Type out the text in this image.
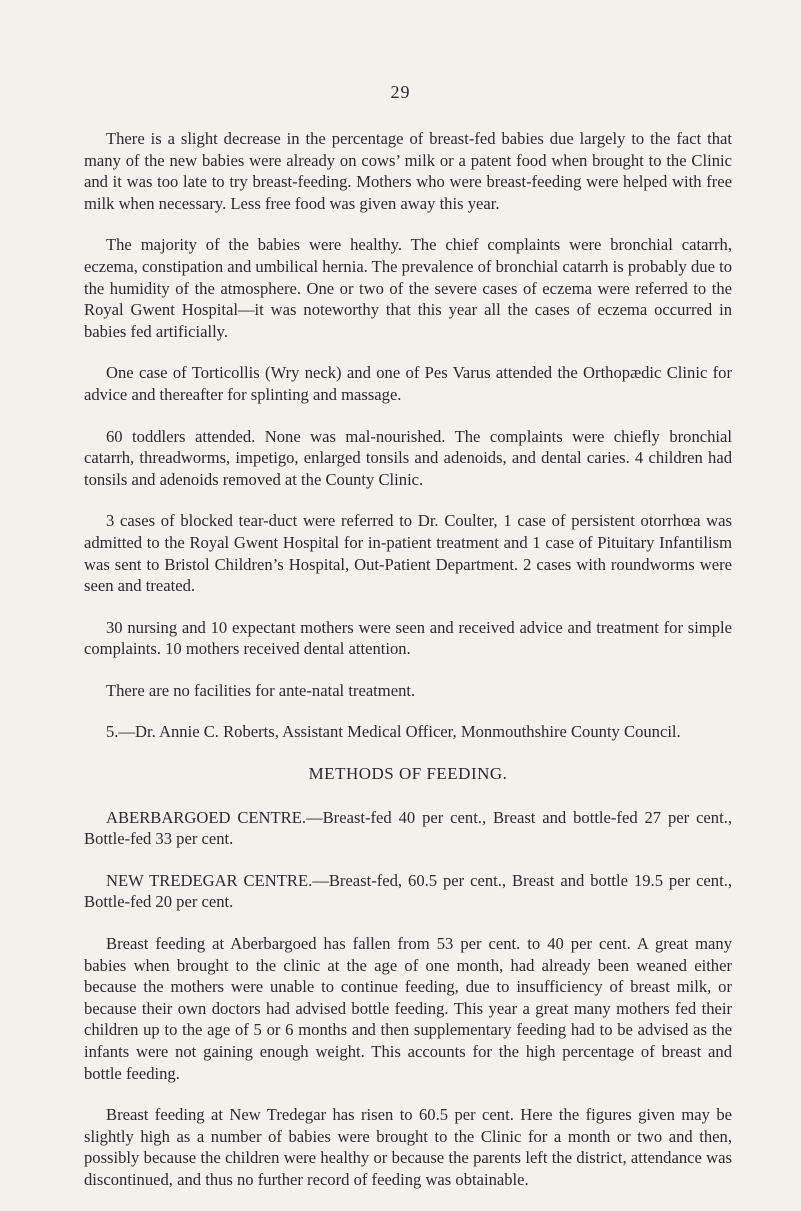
29

There is a slight decrease in the percentage of breast-fed babies due largely to the fact that many of the new babies were already on cows’ milk or a patent food when brought to the Clinic and it was too late to try breast-feeding. Mothers who were breast-feeding were helped with free milk when necessary. Less free food was given away this year.

The majority of the babies were healthy. The chief complaints were bronchial catarrh, eczema, constipation and umbilical hernia. The prevalence of bronchial catarrh is probably due to the humidity of the atmosphere. One or two of the severe cases of eczema were referred to the Royal Gwent Hospital—it was noteworthy that this year all the cases of eczema occurred in babies fed artificially.

One case of Torticollis (Wry neck) and one of Pes Varus attended the Orthopædic Clinic for advice and thereafter for splinting and massage.

60 toddlers attended. None was mal-nourished. The complaints were chiefly bronchial catarrh, threadworms, impetigo, enlarged tonsils and adenoids, and dental caries. 4 children had tonsils and adenoids removed at the County Clinic.

3 cases of blocked tear-duct were referred to Dr. Coulter, 1 case of persistent otorrhœa was admitted to the Royal Gwent Hospital for in-patient treatment and 1 case of Pituitary Infantilism was sent to Bristol Children’s Hospital, Out-Patient Department. 2 cases with roundworms were seen and treated.

30 nursing and 10 expectant mothers were seen and received advice and treatment for simple complaints. 10 mothers received dental attention.

There are no facilities for ante-natal treatment.

5.—Dr. Annie C. Roberts, Assistant Medical Officer, Monmouthshire County Council.

METHODS OF FEEDING.

ABERBARGOED CENTRE.—Breast-fed 40 per cent., Breast and bottle-fed 27 per cent., Bottle-fed 33 per cent.

NEW TREDEGAR CENTRE.—Breast-fed, 60.5 per cent., Breast and bottle 19.5 per cent., Bottle-fed 20 per cent.

Breast feeding at Aberbargoed has fallen from 53 per cent. to 40 per cent. A great many babies when brought to the clinic at the age of one month, had already been weaned either because the mothers were unable to continue feeding, due to insufficiency of breast milk, or because their own doctors had advised bottle feeding. This year a great many mothers fed their children up to the age of 5 or 6 months and then supplementary feeding had to be advised as the infants were not gaining enough weight. This accounts for the high percentage of breast and bottle feeding.

Breast feeding at New Tredegar has risen to 60.5 per cent. Here the figures given may be slightly high as a number of babies were brought to the Clinic for a month or two and then, possibly because the children were healthy or because the parents left the district, attendance was discontinued, and thus no further record of feeding was obtainable.
